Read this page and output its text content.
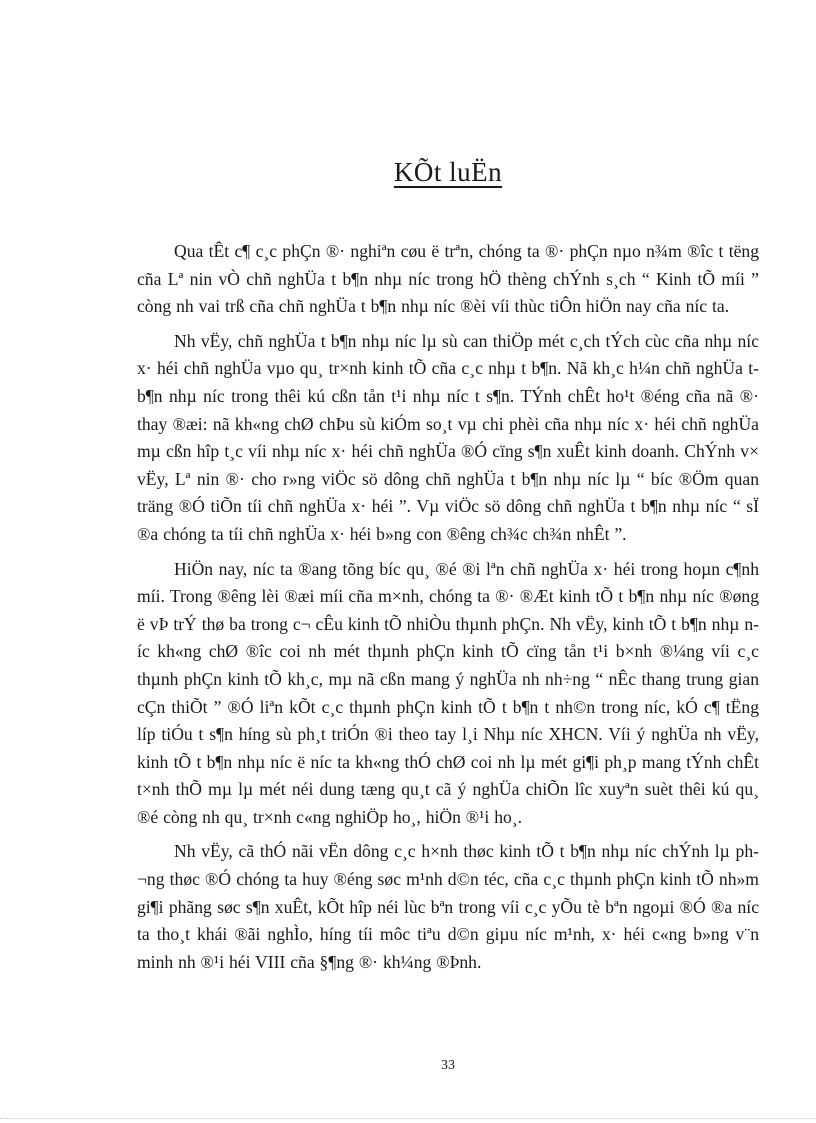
KÕt luËn

Qua tÊt c¶ c¸c phÇn ®· nghiªn cøu ë trªn, chóng ta ®· phÇn nµo n¾m ®îc t tëng cña Lª nin vÒ chñ nghÜa t b¶n nhµ níc trong hÖ thèng chÝnh s¸ch “ Kinh tÕ míi ” còng nh vai trß cña chñ nghÜa t b¶n nhµ níc ®èi víi thùc tiÔn hiÖn nay cña níc ta.

Nh vËy, chñ nghÜa t b¶n nhµ níc lµ sù can thiÖp mét c¸ch tÝch cùc cña nhµ níc x· héi chñ nghÜa vµo qu¸ tr×nh kinh tÕ cña c¸c nhµ t b¶n. Nã kh¸c h¼n chñ nghÜa t b¶n nhµ níc trong thêi kú cßn tån t¹i nhµ níc t s¶n. TÝnh chÊt ho¹t ®éng cña nã ®· thay ®æi: nã kh«ng chØ chÞu sù kiÓm so¸t vµ chi phèi cña nhµ níc x· héi chñ nghÜa mµ cßn hîp t¸c víi nhµ níc x· héi chñ nghÜa ®Ó cïng s¶n xuÊt kinh doanh. ChÝnh v× vËy, Lª nin ®· cho r»ng viÖc sö dông chñ nghÜa t b¶n nhµ níc lµ “ bíc ®Öm quan träng ®Ó tiÕn tíi chñ nghÜa x· héi ”. Vµ viÖc sö dông chñ nghÜa t b¶n nhµ níc “ sÏ ®a chóng ta tíi chñ nghÜa x· héi b»ng con ®êng ch¾c ch¾n nhÊt ”.

HiÖn nay, níc ta ®ang tõng bíc qu¸ ®é ®i lªn chñ nghÜa x· héi trong hoµn c¶nh míi. Trong ®êng lèi ®æi míi cña m×nh, chóng ta ®· ®Æt kinh tÕ t b¶n nhµ níc ®øng ë vÞ trÝ thø ba trong c¬ cÊu kinh tÕ nhiÒu thµnh phÇn. Nh vËy, kinh tÕ t b¶n nhµ níc kh«ng chØ ®îc coi nh mét thµnh phÇn kinh tÕ cïng tån t¹i b×nh ®¼ng víi c¸c thµnh phÇn kinh tÕ kh¸c, mµ nã cßn mang ý nghÜa nh nh÷ng “ nÊc thang trung gian cÇn thiÕt ” ®Ó liªn kÕt c¸c thµnh phÇn kinh tÕ t b¶n t nh©n trong níc, kÓ c¶ tËng líp tiÓu t s¶n híng sù ph¸t triÓn ®i theo tay l¸i Nhµ níc XHCN. Víi ý nghÜa nh vËy, kinh tÕ t b¶n nhµ níc ë níc ta kh«ng thÓ chØ coi nh lµ mét gi¶i ph¸p mang tÝnh chÊt t×nh thÕ mµ lµ mét néi dung tæng qu¸t cã ý nghÜa chiÕn lîc xuyªn suèt thêi kú qu¸ ®é còng nh qu¸ tr×nh c«ng nghiÖp ho¸, hiÖn ®¹i ho¸.

Nh vËy, cã thÓ nãi vËn dông c¸c h×nh thøc kinh tÕ t b¶n nhµ níc chÝnh lµ ph¬ng thøc ®Ó chóng ta huy ®éng søc m¹nh d©n téc, cña c¸c thµnh phÇn kinh tÕ nh»m gi¶i phãng søc s¶n xuÊt, kÕt hîp néi lùc bªn trong víi c¸c yÕu tè bªn ngoµi ®Ó ®a níc ta tho¸t khái ®ãi nghÌo, híng tíi môc tiªu d©n giµu níc m¹nh, x· héi c«ng b»ng v¨n minh nh ®¹i héi VIII cña §¶ng ®· kh¼ng ®Þnh.

33
